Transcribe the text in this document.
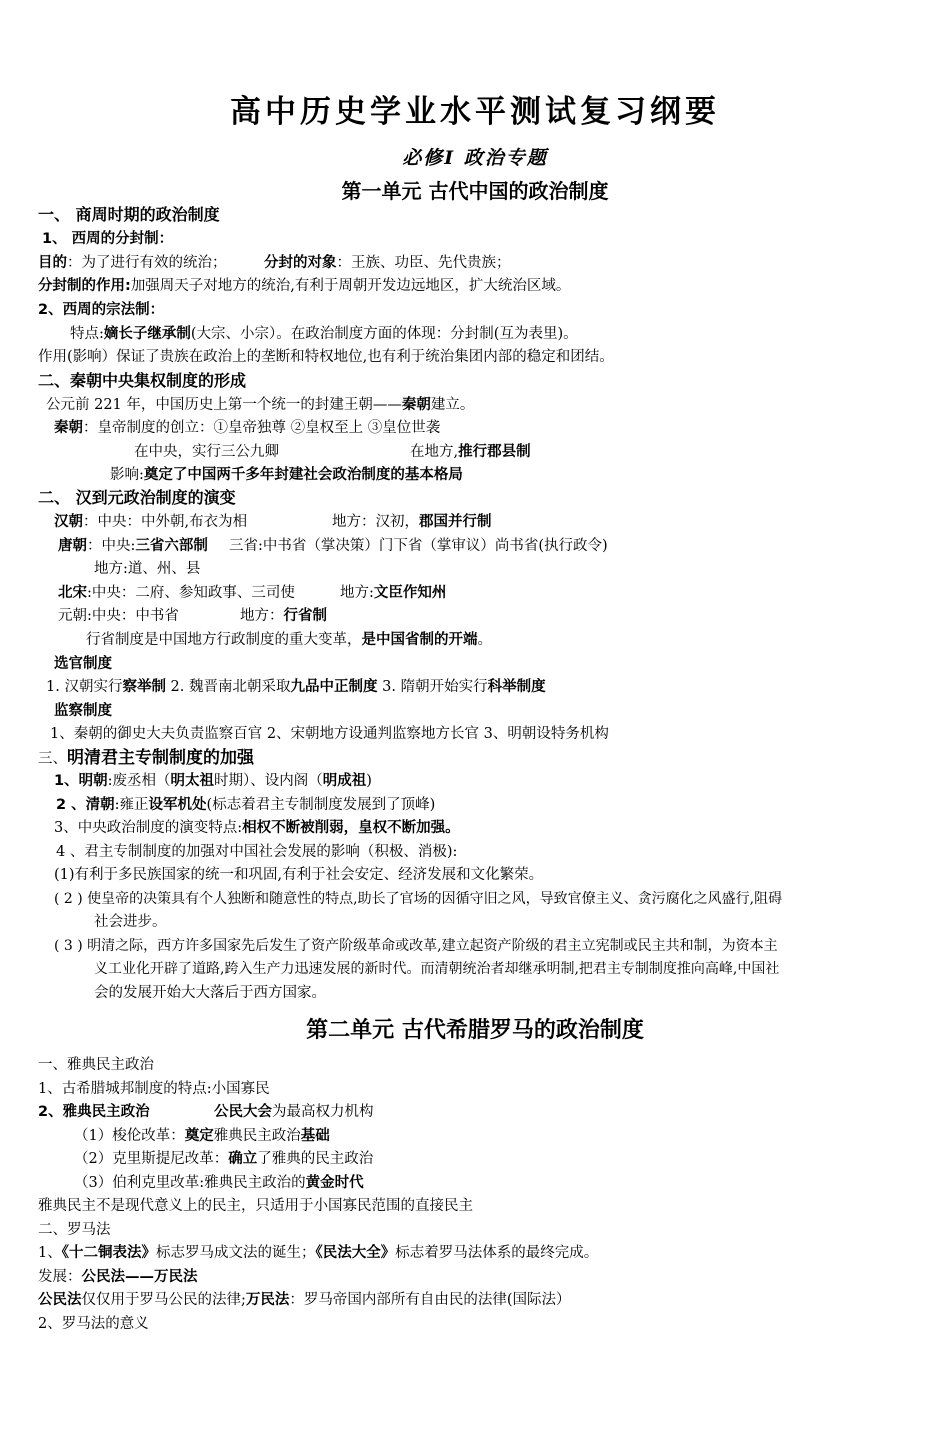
高中历史学业水平测试复习纲要
必修Ⅰ 政治专题
第一单元 古代中国的政治制度
一、 商周时期的政治制度
1、 西周的分封制：
目的：为了进行有效的统治；	分封的对象：王族、功臣、先代贵族；
分封制的作用:加强周天子对地方的统治,有利于周朝开发边远地区，扩大统治区域。
2、西周的宗法制：
特点:嫡长子继承制(大宗、小宗）。在政治制度方面的体现：分封制(互为表里)。
作用(影响）保证了贵族在政治上的垄断和特权地位,也有利于统治集团内部的稳定和团结。
二、秦朝中央集权制度的形成
公元前 221 年，中国历史上第一个统一的封建王朝——秦朝建立。
秦朝：皇帝制度的创立：①皇帝独尊 ②皇权至上 ③皇位世袭
在中央，实行三公九卿	在地方,推行郡县制
影响:奠定了中国两千多年封建社会政治制度的基本格局
二、 汉到元政治制度的演变
汉朝：中央：中外朝,布衣为相	地方：汉初，郡国并行制
唐朝：中央:三省六部制 三省:中书省（掌决策）门下省（掌审议）尚书省(执行政令)
地方:道、州、县
北宋:中央：二府、参知政事、三司使	地方:文臣作知州
元朝:中央：中书省	地方：行省制
行省制度是中国地方行政制度的重大变革，是中国省制的开端。
选官制度
1. 汉朝实行察举制 2. 魏晋南北朝采取九品中正制度 3. 隋朝开始实行科举制度
监察制度
1、秦朝的御史大夫负责监察百官 2、宋朝地方设通判监察地方长官 3、明朝设特务机构
三、明清君主专制制度的加强
1、明朝:废丞相（明太祖时期）、设内阁（明成祖)
2 、清朝:雍正设军机处(标志着君主专制制度发展到了顶峰)
3、中央政治制度的演变特点:相权不断被削弱，皇权不断加强。
4 、君主专制制度的加强对中国社会发展的影响（积极、消极):
(1)有利于多民族国家的统一和巩固,有利于社会安定、经济发展和文化繁荣。
( 2 ) 使皇帝的决策具有个人独断和随意性的特点,助长了官场的因循守旧之风，导致官僚主义、贪污腐化之风盛行,阻碍
社会进步。
( 3 ) 明清之际，西方许多国家先后发生了资产阶级革命或改革,建立起资产阶级的君主立宪制或民主共和制，为资本主
义工业化开辟了道路,跨入生产力迅速发展的新时代。而清朝统治者却继承明制,把君主专制制度推向高峰,中国社
会的发展开始大大落后于西方国家。
第二单元 古代希腊罗马的政治制度
一、雅典民主政治
1、古希腊城邦制度的特点:小国寡民
2、雅典民主政治	公民大会为最高权力机构
（1）梭伦改革：奠定雅典民主政治基础
（2）克里斯提尼改革：确立了雅典的民主政治
（3）伯利克里改革:雅典民主政治的黄金时代
雅典民主不是现代意义上的民主，只适用于小国寡民范围的直接民主
二、罗马法
1、《十二铜表法》标志罗马成文法的诞生；《民法大全》标志着罗马法体系的最终完成。
发展：公民法——万民法
公民法仅仅用于罗马公民的法律;万民法：罗马帝国内部所有自由民的法律(国际法）
2、罗马法的意义
